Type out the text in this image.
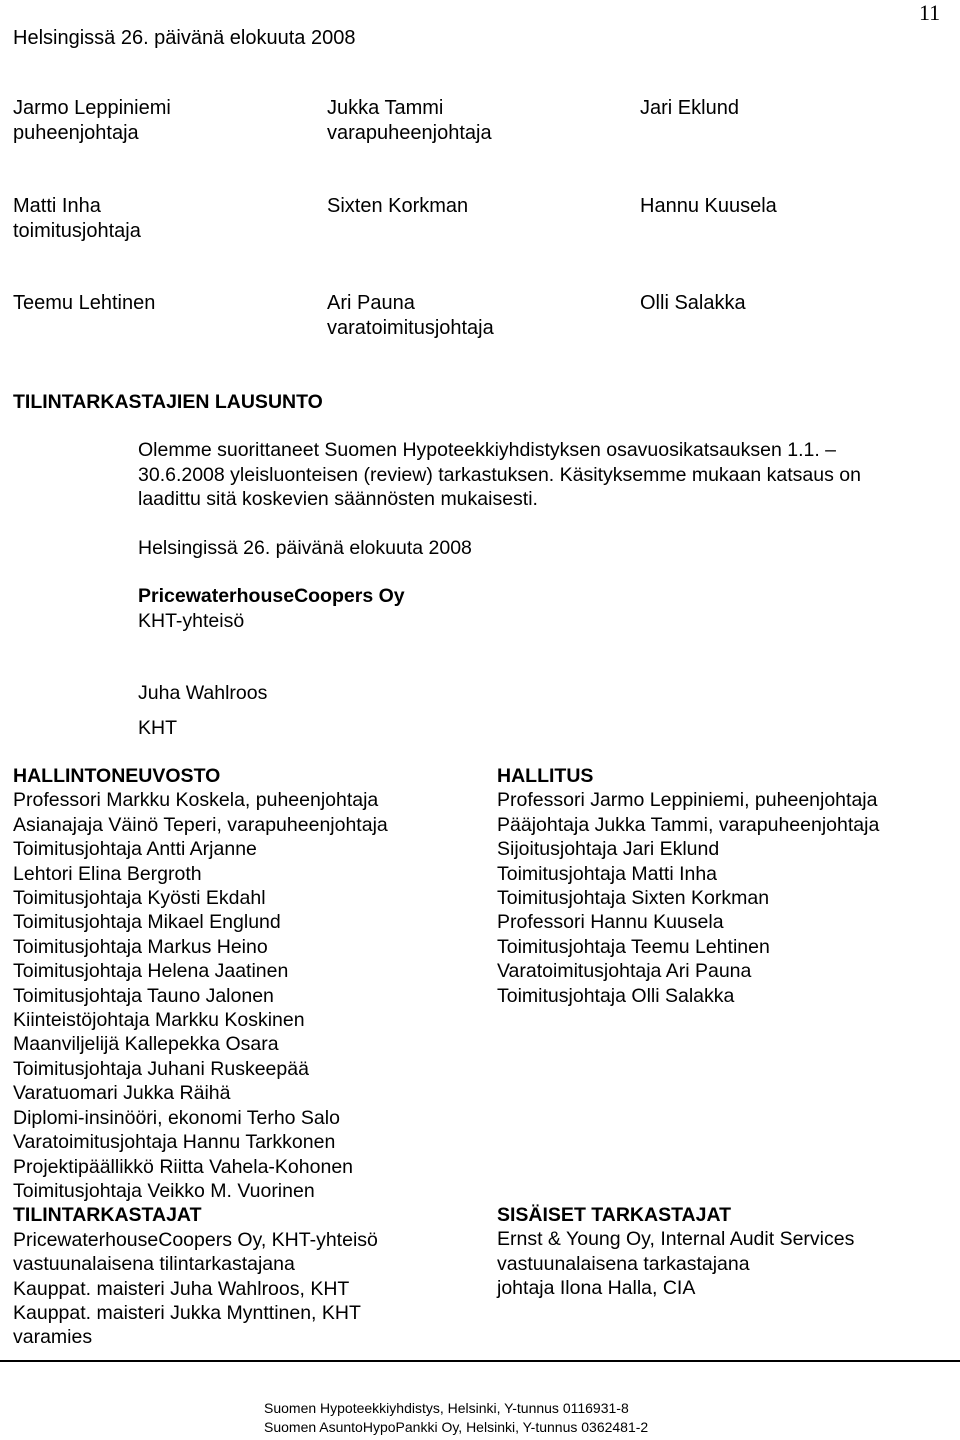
Helsingissä 26. päivänä elokuuta 2008
11
Jarmo Leppiniemi
puheenjohtaja
Jukka Tammi
varapuheenjohtaja
Jari Eklund
Matti Inha
toimitusjohtaja
Sixten Korkman	Hannu Kuusela
Teemu Lehtinen	Ari Pauna
varatoimitusjohtaja
Olli Salakka
TILINTARKASTAJIEN LAUSUNTO
Olemme suorittaneet Suomen Hypoteekkiyhdistyksen osavuosikatsauksen 1.1. –
30.6.2008 yleisluonteisen (review) tarkastuksen. Käsityksemme mukaan katsaus on
laadittu sitä koskevien säännösten mukaisesti.
Helsingissä 26. päivänä elokuuta 2008
PricewaterhouseCoopers Oy
KHT-yhteisö
Juha Wahlroos
KHT
HALLINTONEUVOSTO
Professori Markku Koskela, puheenjohtaja
Asianajaja Väinö Teperi, varapuheenjohtaja
Toimitusjohtaja Antti Arjanne
Lehtori Elina Bergroth
Toimitusjohtaja Kyösti Ekdahl
Toimitusjohtaja Mikael Englund
Toimitusjohtaja Markus Heino
Toimitusjohtaja Helena Jaatinen
Toimitusjohtaja Tauno Jalonen
Kiinteistöjohtaja Markku Koskinen
Maanviljelijä Kallepekka Osara
Toimitusjohtaja Juhani Ruskeepää
Varatuomari Jukka Räihä
Diplomi-insinööri, ekonomi Terho Salo
Varatoimitusjohtaja Hannu Tarkkonen
Projektipäällikkö Riitta Vahela-Kohonen
Toimitusjohtaja Veikko M. Vuorinen
TILINTARKASTAJAT
PricewaterhouseCoopers Oy, KHT-yhteisö
vastuunalaisena tilintarkastajana
Kauppat. maisteri Juha Wahlroos, KHT
Kauppat. maisteri Jukka Mynttinen, KHT
varamies
HALLITUS
Professori Jarmo Leppiniemi, puheenjohtaja
Pääjohtaja Jukka Tammi, varapuheenjohtaja
Sijoitusjohtaja Jari Eklund
Toimitusjohtaja Matti Inha
Toimitusjohtaja Sixten Korkman
Professori Hannu Kuusela
Toimitusjohtaja Teemu Lehtinen
Varatoimitusjohtaja Ari Pauna
Toimitusjohtaja Olli Salakka
SISÄISET TARKASTAJAT
Ernst & Young Oy, Internal Audit Services
vastuunalaisena tarkastajana
johtaja Ilona Halla, CIA
Suomen Hypoteekkiyhdistys, Helsinki, Y-tunnus 0116931-8
Suomen AsuntoHypoPankki Oy, Helsinki, Y-tunnus 0362481-2
